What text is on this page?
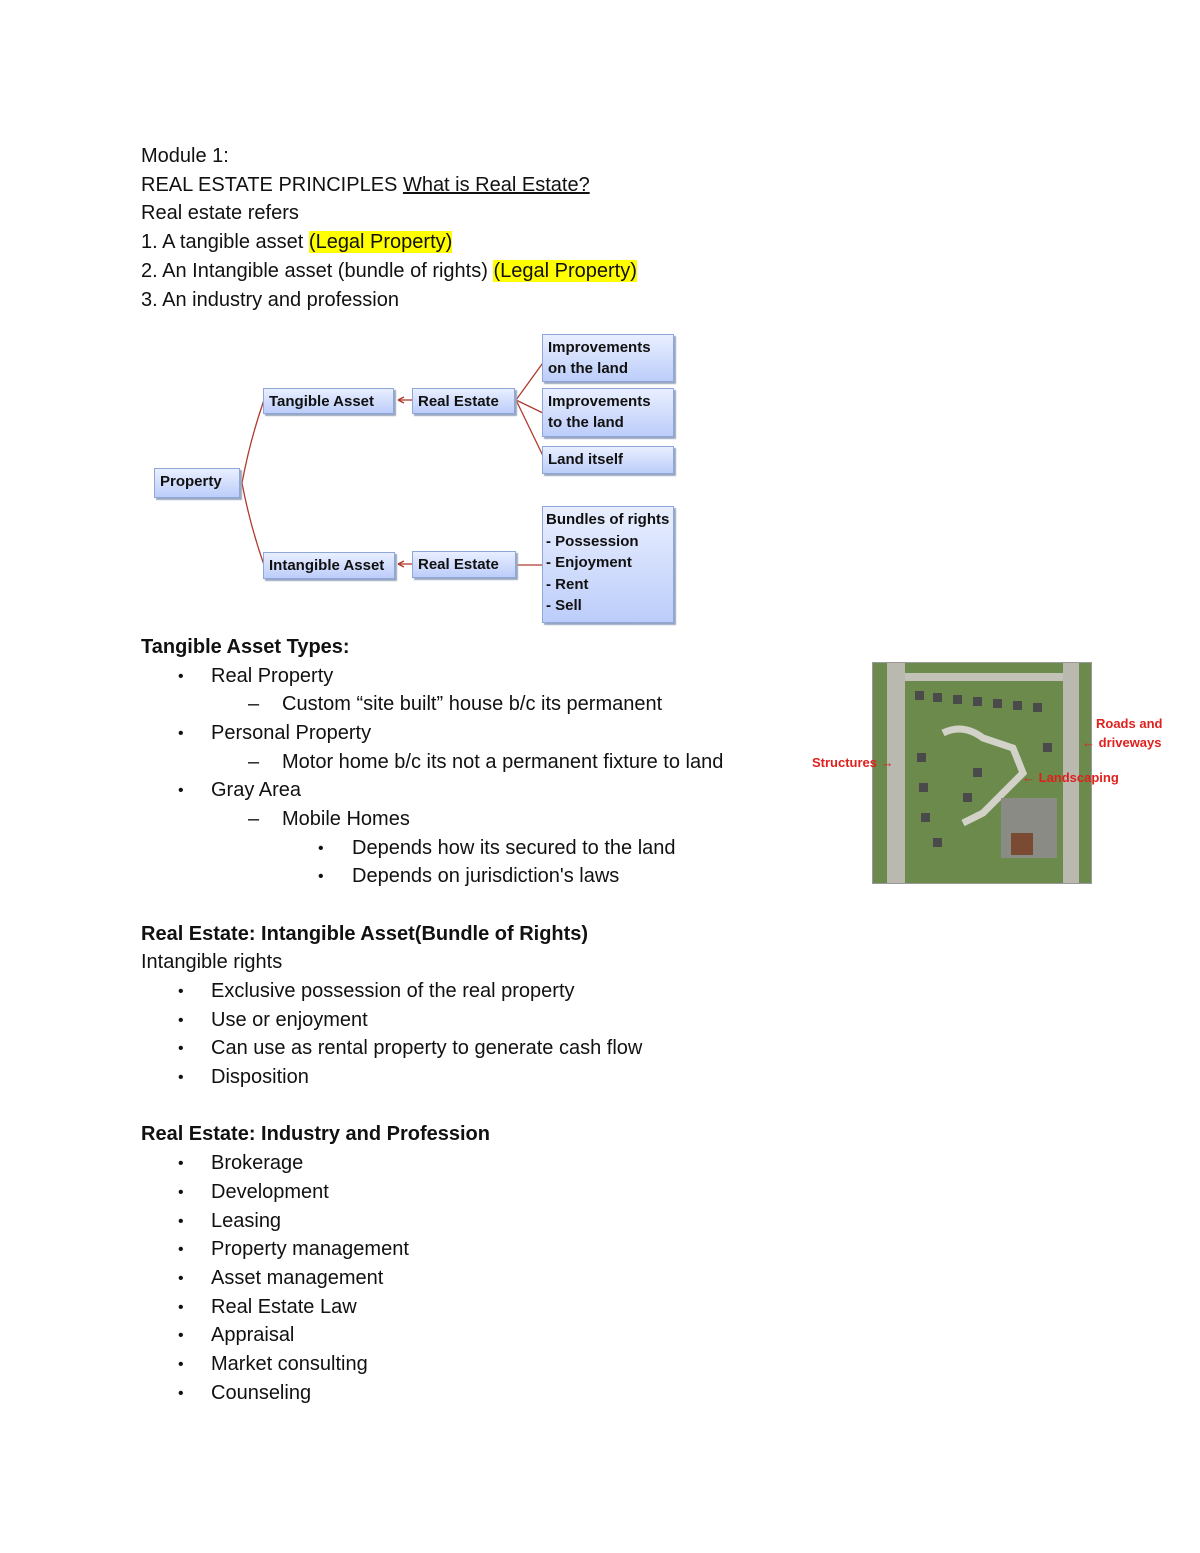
Module 1:
REAL ESTATE PRINCIPLES What is Real Estate?
Real estate refers
1. A tangible asset (Legal Property)
2. An Intangible asset (bundle of rights) (Legal Property)
3. An industry and profession
Property
Tangible Asset
Intangible Asset
Real Estate
Real Estate
Improvements
on the land
Improvements
to the land
Land itself
Bundles of rights
- Possession
- Enjoyment
- Rent
- Sell
Tangible Asset Types:
• Real Property
– Custom “site built” house b/c its permanent
• Personal Property
– Motor home b/c its not a permanent fixture to land
• Gray Area
– Mobile Homes
• Depends how its secured to the land
• Depends on jurisdiction's laws
Structures →
Roads and
← driveways
← Landscaping
Real Estate: Intangible Asset(Bundle of Rights)
Intangible rights
• Exclusive possession of the real property
• Use or enjoyment
• Can use as rental property to generate cash flow
• Disposition
Real Estate: Industry and Profession
• Brokerage
• Development
• Leasing
• Property management
• Asset management
• Real Estate Law
• Appraisal
• Market consulting
• Counseling
